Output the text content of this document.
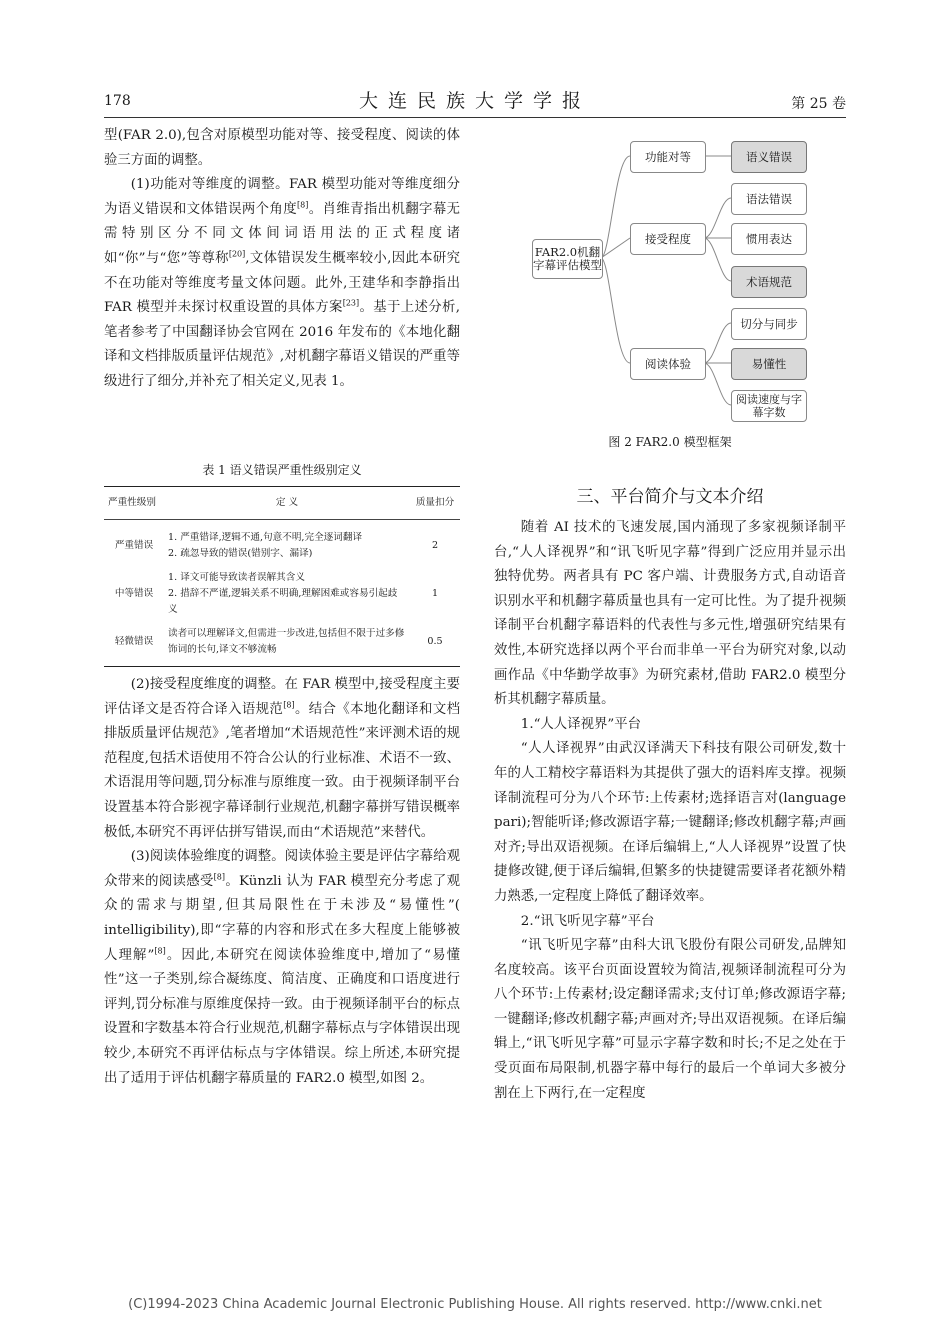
178	大连民族大学学报	第 25 卷

型(FAR 2.0),包含对原模型功能对等、接受程度、阅读的体验三方面的调整。

(1)功能对等维度的调整。FAR 模型功能对等维度细分为语义错误和文体错误两个角度[8]。肖维青指出机翻字幕无需特别区分不同文体间词语用法的正式程度诸如“你”与“您”等尊称[20],文体错误发生概率较小,因此本研究不在功能对等维度考量文体问题。此外,王建华和李静指出 FAR 模型并未探讨权重设置的具体方案[23]。基于上述分析,笔者参考了中国翻译协会官网在 2016 年发布的《本地化翻译和文档排版质量评估规范》,对机翻字幕语义错误的严重等级进行了细分,并补充了相关定义,见表 1。

表 1 语义错误严重性级别定义
严重性级别	定 义	质量扣分
严重错误	1. 严重错译,逻辑不通,句意不明,完全逐词翻译
2. 疏忽导致的错误(错别字、漏译)	2
中等错误	1. 译文可能导致读者误解其含义
2. 措辞不严谨,逻辑关系不明确,理解困难或容易引起歧义	1
轻微错误	读者可以理解译文,但需进一步改进,包括但不限于过多修
饰词的长句,译文不够流畅	0.5

(2)接受程度维度的调整。在 FAR 模型中,接受程度主要评估译文是否符合译入语规范[8]。结合《本地化翻译和文档排版质量评估规范》,笔者增加“术语规范性”来评测术语的规范程度,包括术语使用不符合公认的行业标准、术语不一致、术语混用等问题,罚分标准与原维度一致。由于视频译制平台设置基本符合影视字幕译制行业规范,机翻字幕拼写错误概率极低,本研究不再评估拼写错误,而由“术语规范”来替代。

(3)阅读体验维度的调整。阅读体验主要是评估字幕给观众带来的阅读感受[8]。Künzli 认为 FAR 模型充分考虑了观众的需求与期望,但其局限性在于未涉及“易懂性”( intelligibility),即“字幕的内容和形式在多大程度上能够被人理解”[8]。因此,本研究在阅读体验维度中,增加了“易懂性”这一子类别,综合凝练度、简洁度、正确度和口语度进行评判,罚分标准与原维度保持一致。由于视频译制平台的标点设置和字数基本符合行业规范,机翻字幕标点与字体错误出现较少,本研究不再评估标点与字体错误。综上所述,本研究提出了适用于评估机翻字幕质量的 FAR2.0 模型,如图 2。

FAR2.0机翻字幕评估模型
功能对等
接受程度
阅读体验
语义错误
语法错误
惯用表达
术语规范
切分与同步
易懂性
阅读速度与字幕字数
图 2 FAR2.0 模型框架
三、平台简介与文本介绍

随着 AI 技术的飞速发展,国内涌现了多家视频译制平台,“人人译视界”和“讯飞听见字幕”得到广泛应用并显示出独特优势。两者具有 PC 客户端、计费服务方式,自动语音识别水平和机翻字幕质量也具有一定可比性。为了提升视频译制平台机翻字幕语料的代表性与多元性,增强研究结果有效性,本研究选择以两个平台而非单一平台为研究对象,以动画作品《中华勤学故事》为研究素材,借助 FAR2.0 模型分析其机翻字幕质量。

1.“人人译视界”平台

“人人译视界”由武汉译满天下科技有限公司研发,数十年的人工精校字幕语料为其提供了强大的语料库支撑。视频译制流程可分为八个环节:上传素材;选择语言对(language pari);智能听译;修改源语字幕;一键翻译;修改机翻字幕;声画对齐;导出双语视频。在译后编辑上,“人人译视界”设置了快捷修改键,便于译后编辑,但繁多的快捷键需要译者花额外精力熟悉,一定程度上降低了翻译效率。

2.“讯飞听见字幕”平台

“讯飞听见字幕”由科大讯飞股份有限公司研发,品牌知名度较高。该平台页面设置较为简洁,视频译制流程可分为八个环节:上传素材;设定翻译需求;支付订单;修改源语字幕;一键翻译;修改机翻字幕;声画对齐;导出双语视频。在译后编辑上,“讯飞听见字幕”可显示字幕字数和时长;不足之处在于受页面布局限制,机器字幕中每行的最后一个单词大多被分割在上下两行,在一定程度

(C)1994-2023 China Academic Journal Electronic Publishing House. All rights reserved. http://www.cnki.net
